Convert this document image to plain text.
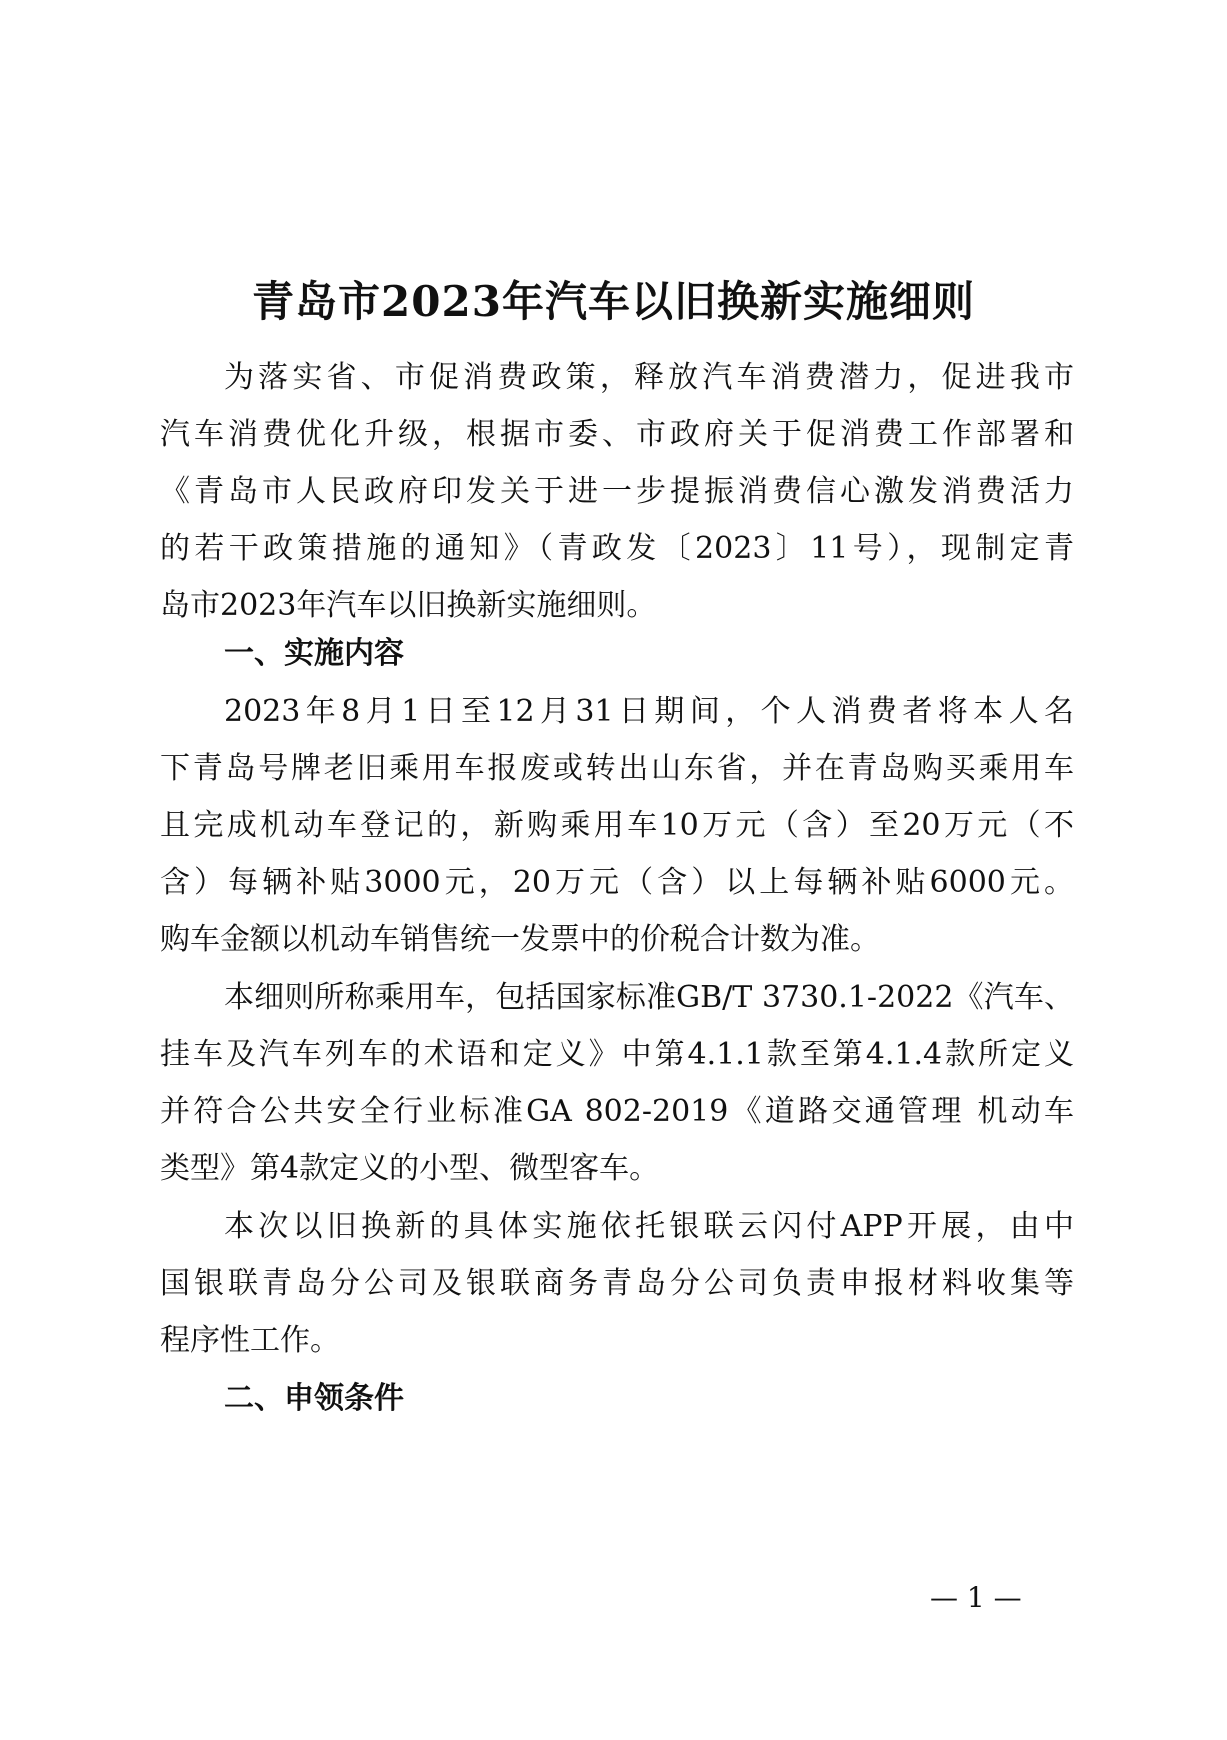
青岛市2023年汽车以旧换新实施细则
为落实省、市促消费政策，释放汽车消费潜力，促进我市
汽车消费优化升级，根据市委、市政府关于促消费工作部署和
《青岛市人民政府印发关于进一步提振消费信心激发消费活力
的若干政策措施的通知》（青政发〔2023〕11号），现制定青
岛市2023年汽车以旧换新实施细则。
一、实施内容
2023年8月1日至12月31日期间，个人消费者将本人名
下青岛号牌老旧乘用车报废或转出山东省，并在青岛购买乘用车
且完成机动车登记的，新购乘用车10万元（含）至20万元（不
含）每辆补贴3000元，20万元（含）以上每辆补贴6000元。
购车金额以机动车销售统一发票中的价税合计数为准。
本细则所称乘用车，包括国家标准GB/T 3730.1-2022《汽车、
挂车及汽车列车的术语和定义》中第4.1.1款至第4.1.4款所定义
并符合公共安全行业标准GA 802-2019《道路交通管理 机动车
类型》第4款定义的小型、微型客车。
本次以旧换新的具体实施依托银联云闪付APP开展，由中
国银联青岛分公司及银联商务青岛分公司负责申报材料收集等
程序性工作。
二、申领条件
— 1 —
